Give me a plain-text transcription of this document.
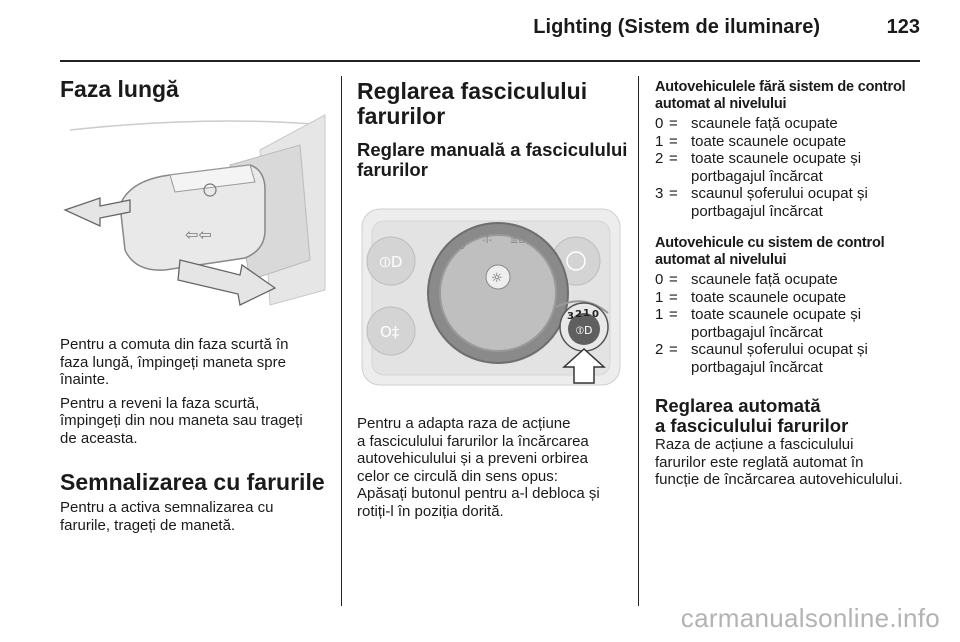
Lighting (Sistem de iluminare)	123
Faza lungă
⇦⇦

Pentru a comuta din faza scurtă în

faza lungă, împingeți maneta spre

înainte.

Pentru a reveni la faza scurtă,

împingeți din nou maneta sau trageți

de aceasta.

Semnalizarea cu farurile

Pentru a activa semnalizarea cu

farurile, trageți de manetă.

Reglarea fasciculului
farurilor
Reglare manuală a fasciculului
farurilor
⦶D
O‡
☼
0
-ꟾ- ≣D
⦶D
3 2 1 0

Pentru a adapta raza de acțiune

a fasciculului farurilor la încărcarea

autovehiculului și a preveni orbirea

celor ce circulă din sens opus:

Apăsați butonul pentru a-l debloca și

rotiți-l în poziția dorită.

Autovehiculele fără sistem de control
automat al nivelului
0 = scaunele față ocupate
1 = toate scaunele ocupate
2 = toate scaunele ocupate și
portbagajul încărcat
3 = scaunul șoferului ocupat și
portbagajul încărcat
Autovehicule cu sistem de control
automat al nivelului
0 = scaunele față ocupate
1 = toate scaunele ocupate
1 = toate scaunele ocupate și
portbagajul încărcat
2 = scaunul șoferului ocupat și
portbagajul încărcat
Reglarea automată
a fasciculului farurilor

Raza de acțiune a fasciculului

farurilor este reglată automat în

funcție de încărcarea autovehiculului.

carmanualsonline.info
